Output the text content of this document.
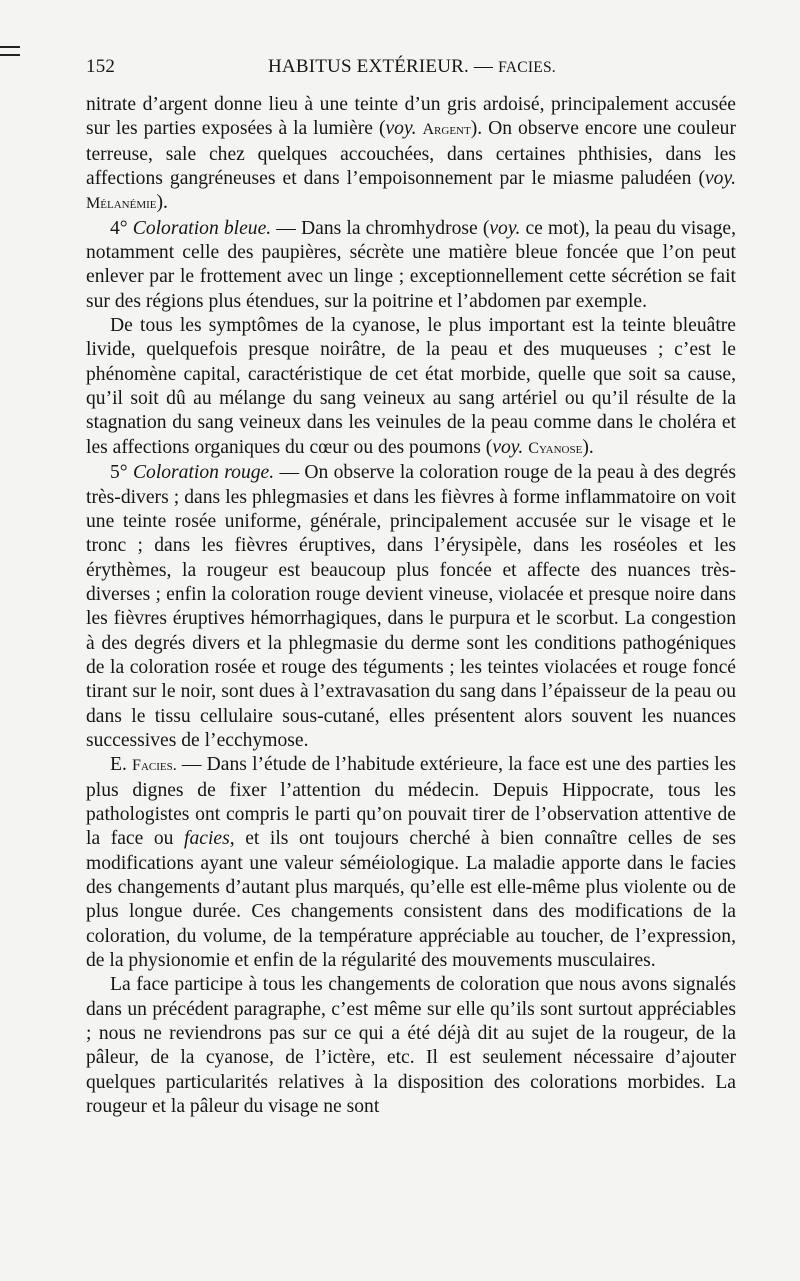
152	HABITUS EXTÉRIEUR. — FACIES.

nitrate d’argent donne lieu à une teinte d’un gris ardoisé, principalement accusée sur les parties exposées à la lumière (voy. Argent). On observe encore une couleur terreuse, sale chez quelques accouchées, dans certaines phthisies, dans les affections gangréneuses et dans l’empoisonnement par le miasme paludéen (voy. Mélanémie).

4° Coloration bleue. — Dans la chromhydrose (voy. ce mot), la peau du visage, notamment celle des paupières, sécrète une matière bleue foncée que l’on peut enlever par le frottement avec un linge ; exceptionnellement cette sécrétion se fait sur des régions plus étendues, sur la poitrine et l’abdomen par exemple.

De tous les symptômes de la cyanose, le plus important est la teinte bleuâtre livide, quelquefois presque noirâtre, de la peau et des muqueuses ; c’est le phénomène capital, caractéristique de cet état morbide, quelle que soit sa cause, qu’il soit dû au mélange du sang veineux au sang artériel ou qu’il résulte de la stagnation du sang veineux dans les veinules de la peau comme dans le choléra et les affections organiques du cœur ou des poumons (voy. Cyanose).

5° Coloration rouge. — On observe la coloration rouge de la peau à des degrés très-divers ; dans les phlegmasies et dans les fièvres à forme inflammatoire on voit une teinte rosée uniforme, générale, principalement accusée sur le visage et le tronc ; dans les fièvres éruptives, dans l’érysipèle, dans les roséoles et les érythèmes, la rougeur est beaucoup plus foncée et affecte des nuances très-diverses ; enfin la coloration rouge devient vineuse, violacée et presque noire dans les fièvres éruptives hémorrhagiques, dans le purpura et le scorbut. La congestion à des degrés divers et la phlegmasie du derme sont les conditions pathogéniques de la coloration rosée et rouge des téguments ; les teintes violacées et rouge foncé tirant sur le noir, sont dues à l’extravasation du sang dans l’épaisseur de la peau ou dans le tissu cellulaire sous-cutané, elles présentent alors souvent les nuances successives de l’ecchymose.

E. Facies. — Dans l’étude de l’habitude extérieure, la face est une des parties les plus dignes de fixer l’attention du médecin. Depuis Hippocrate, tous les pathologistes ont compris le parti qu’on pouvait tirer de l’observation attentive de la face ou facies, et ils ont toujours cherché à bien connaître celles de ses modifications ayant une valeur séméiologique. La maladie apporte dans le facies des changements d’autant plus marqués, qu’elle est elle-même plus violente ou de plus longue durée. Ces changements consistent dans des modifications de la coloration, du volume, de la température appréciable au toucher, de l’expression, de la physionomie et enfin de la régularité des mouvements musculaires.

La face participe à tous les changements de coloration que nous avons signalés dans un précédent paragraphe, c’est même sur elle qu’ils sont surtout appréciables ; nous ne reviendrons pas sur ce qui a été déjà dit au sujet de la rougeur, de la pâleur, de la cyanose, de l’ictère, etc. Il est seulement nécessaire d’ajouter quelques particularités relatives à la disposition des colorations morbides. La rougeur et la pâleur du visage ne sont
